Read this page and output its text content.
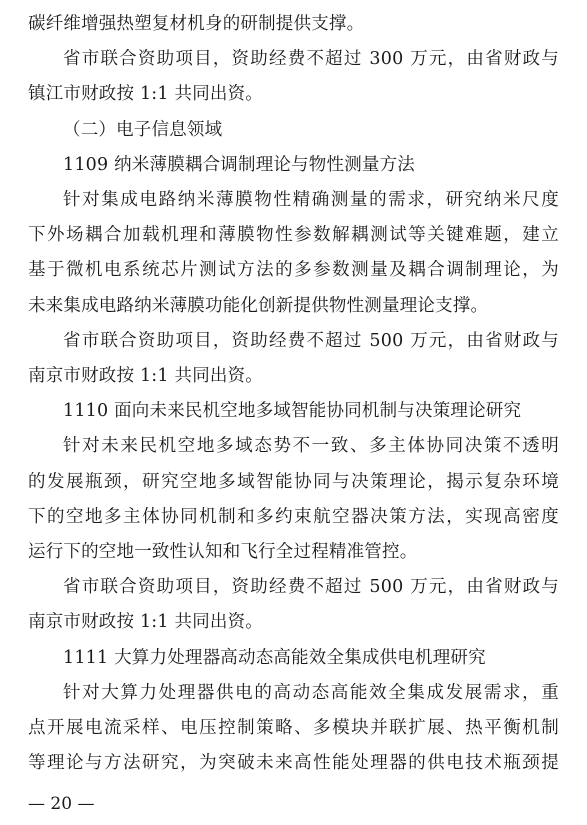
碳纤维增强热塑复材机身的研制提供支撑。
省市联合资助项目，资助经费不超过 300 万元，由省财政与
镇江市财政按 1:1 共同出资。
（二）电子信息领域
1109 纳米薄膜耦合调制理论与物性测量方法
针对集成电路纳米薄膜物性精确测量的需求，研究纳米尺度
下外场耦合加载机理和薄膜物性参数解耦测试等关键难题，建立
基于微机电系统芯片测试方法的多参数测量及耦合调制理论，为
未来集成电路纳米薄膜功能化创新提供物性测量理论支撑。
省市联合资助项目，资助经费不超过 500 万元，由省财政与
南京市财政按 1:1 共同出资。
1110 面向未来民机空地多域智能协同机制与决策理论研究
针对未来民机空地多域态势不一致、多主体协同决策不透明
的发展瓶颈，研究空地多域智能协同与决策理论，揭示复杂环境
下的空地多主体协同机制和多约束航空器决策方法，实现高密度
运行下的空地一致性认知和飞行全过程精准管控。
省市联合资助项目，资助经费不超过 500 万元，由省财政与
南京市财政按 1:1 共同出资。
1111 大算力处理器高动态高能效全集成供电机理研究
针对大算力处理器供电的高动态高能效全集成发展需求，重
点开展电流采样、电压控制策略、多模块并联扩展、热平衡机制
等理论与方法研究，为突破未来高性能处理器的供电技术瓶颈提
— 20 —
